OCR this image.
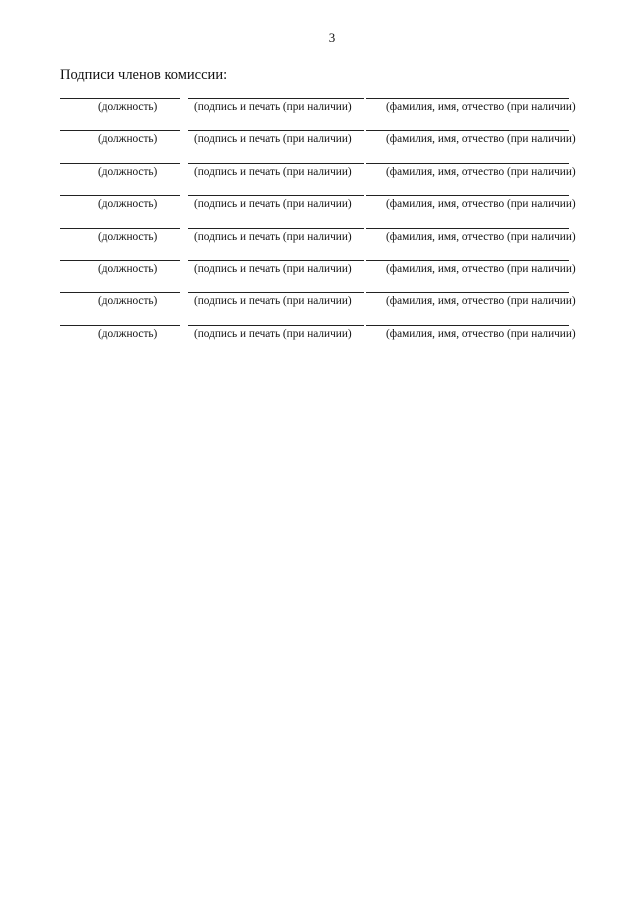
3
Подписи членов комиссии:
(должность)	(подпись и печать (при наличии)	(фамилия, имя, отчество (при наличии)
(должность)	(подпись и печать (при наличии)	(фамилия, имя, отчество (при наличии)
(должность)	(подпись и печать (при наличии)	(фамилия, имя, отчество (при наличии)
(должность)	(подпись и печать (при наличии)	(фамилия, имя, отчество (при наличии)
(должность)	(подпись и печать (при наличии)	(фамилия, имя, отчество (при наличии)
(должность)	(подпись и печать (при наличии)	(фамилия, имя, отчество (при наличии)
(должность)	(подпись и печать (при наличии)	(фамилия, имя, отчество (при наличии)
(должность)	(подпись и печать (при наличии)	(фамилия, имя, отчество (при наличии)
